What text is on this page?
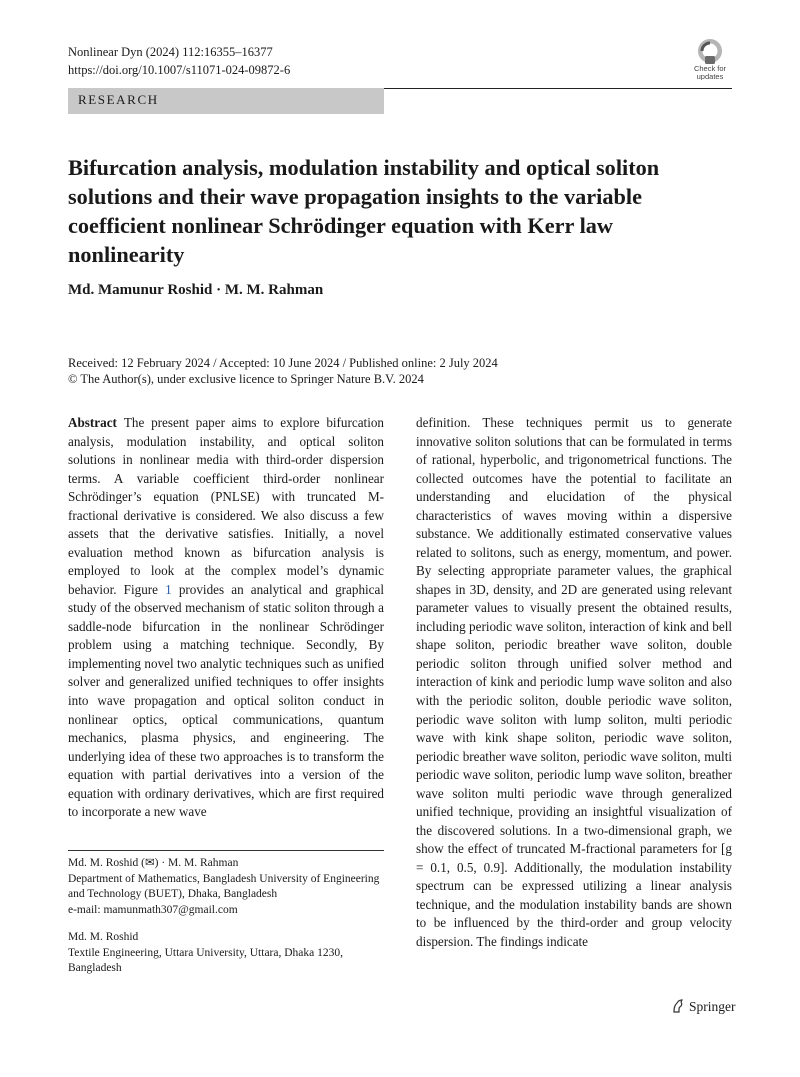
Nonlinear Dyn (2024) 112:16355–16377
https://doi.org/10.1007/s11071-024-09872-6	Check for
updates
RESEARCH
Bifurcation analysis, modulation instability and optical soliton solutions and their wave propagation insights to the variable coefficient nonlinear Schrödinger equation with Kerr law nonlinearity
Md. Mamunur Roshid · M. M. Rahman
Received: 12 February 2024 / Accepted: 10 June 2024 / Published online: 2 July 2024
© The Author(s), under exclusive licence to Springer Nature B.V. 2024
Abstract The present paper aims to explore bifurcation analysis, modulation instability, and optical soliton solutions in nonlinear media with third-order dispersion terms. A variable coefficient third-order nonlinear Schrödinger’s equation (PNLSE) with truncated M-fractional derivative is considered. We also discuss a few assets that the derivative satisfies. Initially, a novel evaluation method known as bifurcation analysis is employed to look at the complex model’s dynamic behavior. Figure 1 provides an analytical and graphical study of the observed mechanism of static soliton through a saddle-node bifurcation in the nonlinear Schrödinger problem using a matching technique. Secondly, By implementing novel two analytic techniques such as unified solver and generalized unified techniques to offer insights into wave propagation and optical soliton conduct in nonlinear optics, optical communications, quantum mechanics, plasma physics, and engineering. The underlying idea of these two approaches is to transform the equation with partial derivatives into a version of the equation with ordinary derivatives, which are first required to incorporate a new wave
definition. These techniques permit us to generate innovative soliton solutions that can be formulated in terms of rational, hyperbolic, and trigonometrical functions. The collected outcomes have the potential to facilitate an understanding and elucidation of the physical characteristics of waves moving within a dispersive substance. We additionally estimated conservative values related to solitons, such as energy, momentum, and power. By selecting appropriate parameter values, the graphical shapes in 3D, density, and 2D are generated using relevant parameter values to visually present the obtained results, including periodic wave soliton, interaction of kink and bell shape soliton, periodic breather wave soliton, double periodic soliton through unified solver method and interaction of kink and periodic lump wave soliton and also with the periodic soliton, double periodic wave soliton, periodic wave soliton with lump soliton, multi periodic wave with kink shape soliton, periodic wave soliton, periodic breather wave soliton, periodic wave soliton, multi periodic wave soliton, periodic lump wave soliton, breather wave soliton multi periodic wave through generalized unified technique, providing an insightful visualization of the discovered solutions. In a two-dimensional graph, we show the effect of truncated M-fractional parameters for [g = 0.1, 0.5, 0.9]. Additionally, the modulation instability spectrum can be expressed utilizing a linear analysis technique, and the modulation instability bands are shown to be influenced by the third-order and group velocity dispersion. The findings indicate
Md. M. Roshid (✉) · M. M. Rahman
Department of Mathematics, Bangladesh University of Engineering and Technology (BUET), Dhaka, Bangladesh
e-mail: mamunmath307@gmail.com
Md. M. Roshid
Textile Engineering, Uttara University, Uttara, Dhaka 1230, Bangladesh
Springer
